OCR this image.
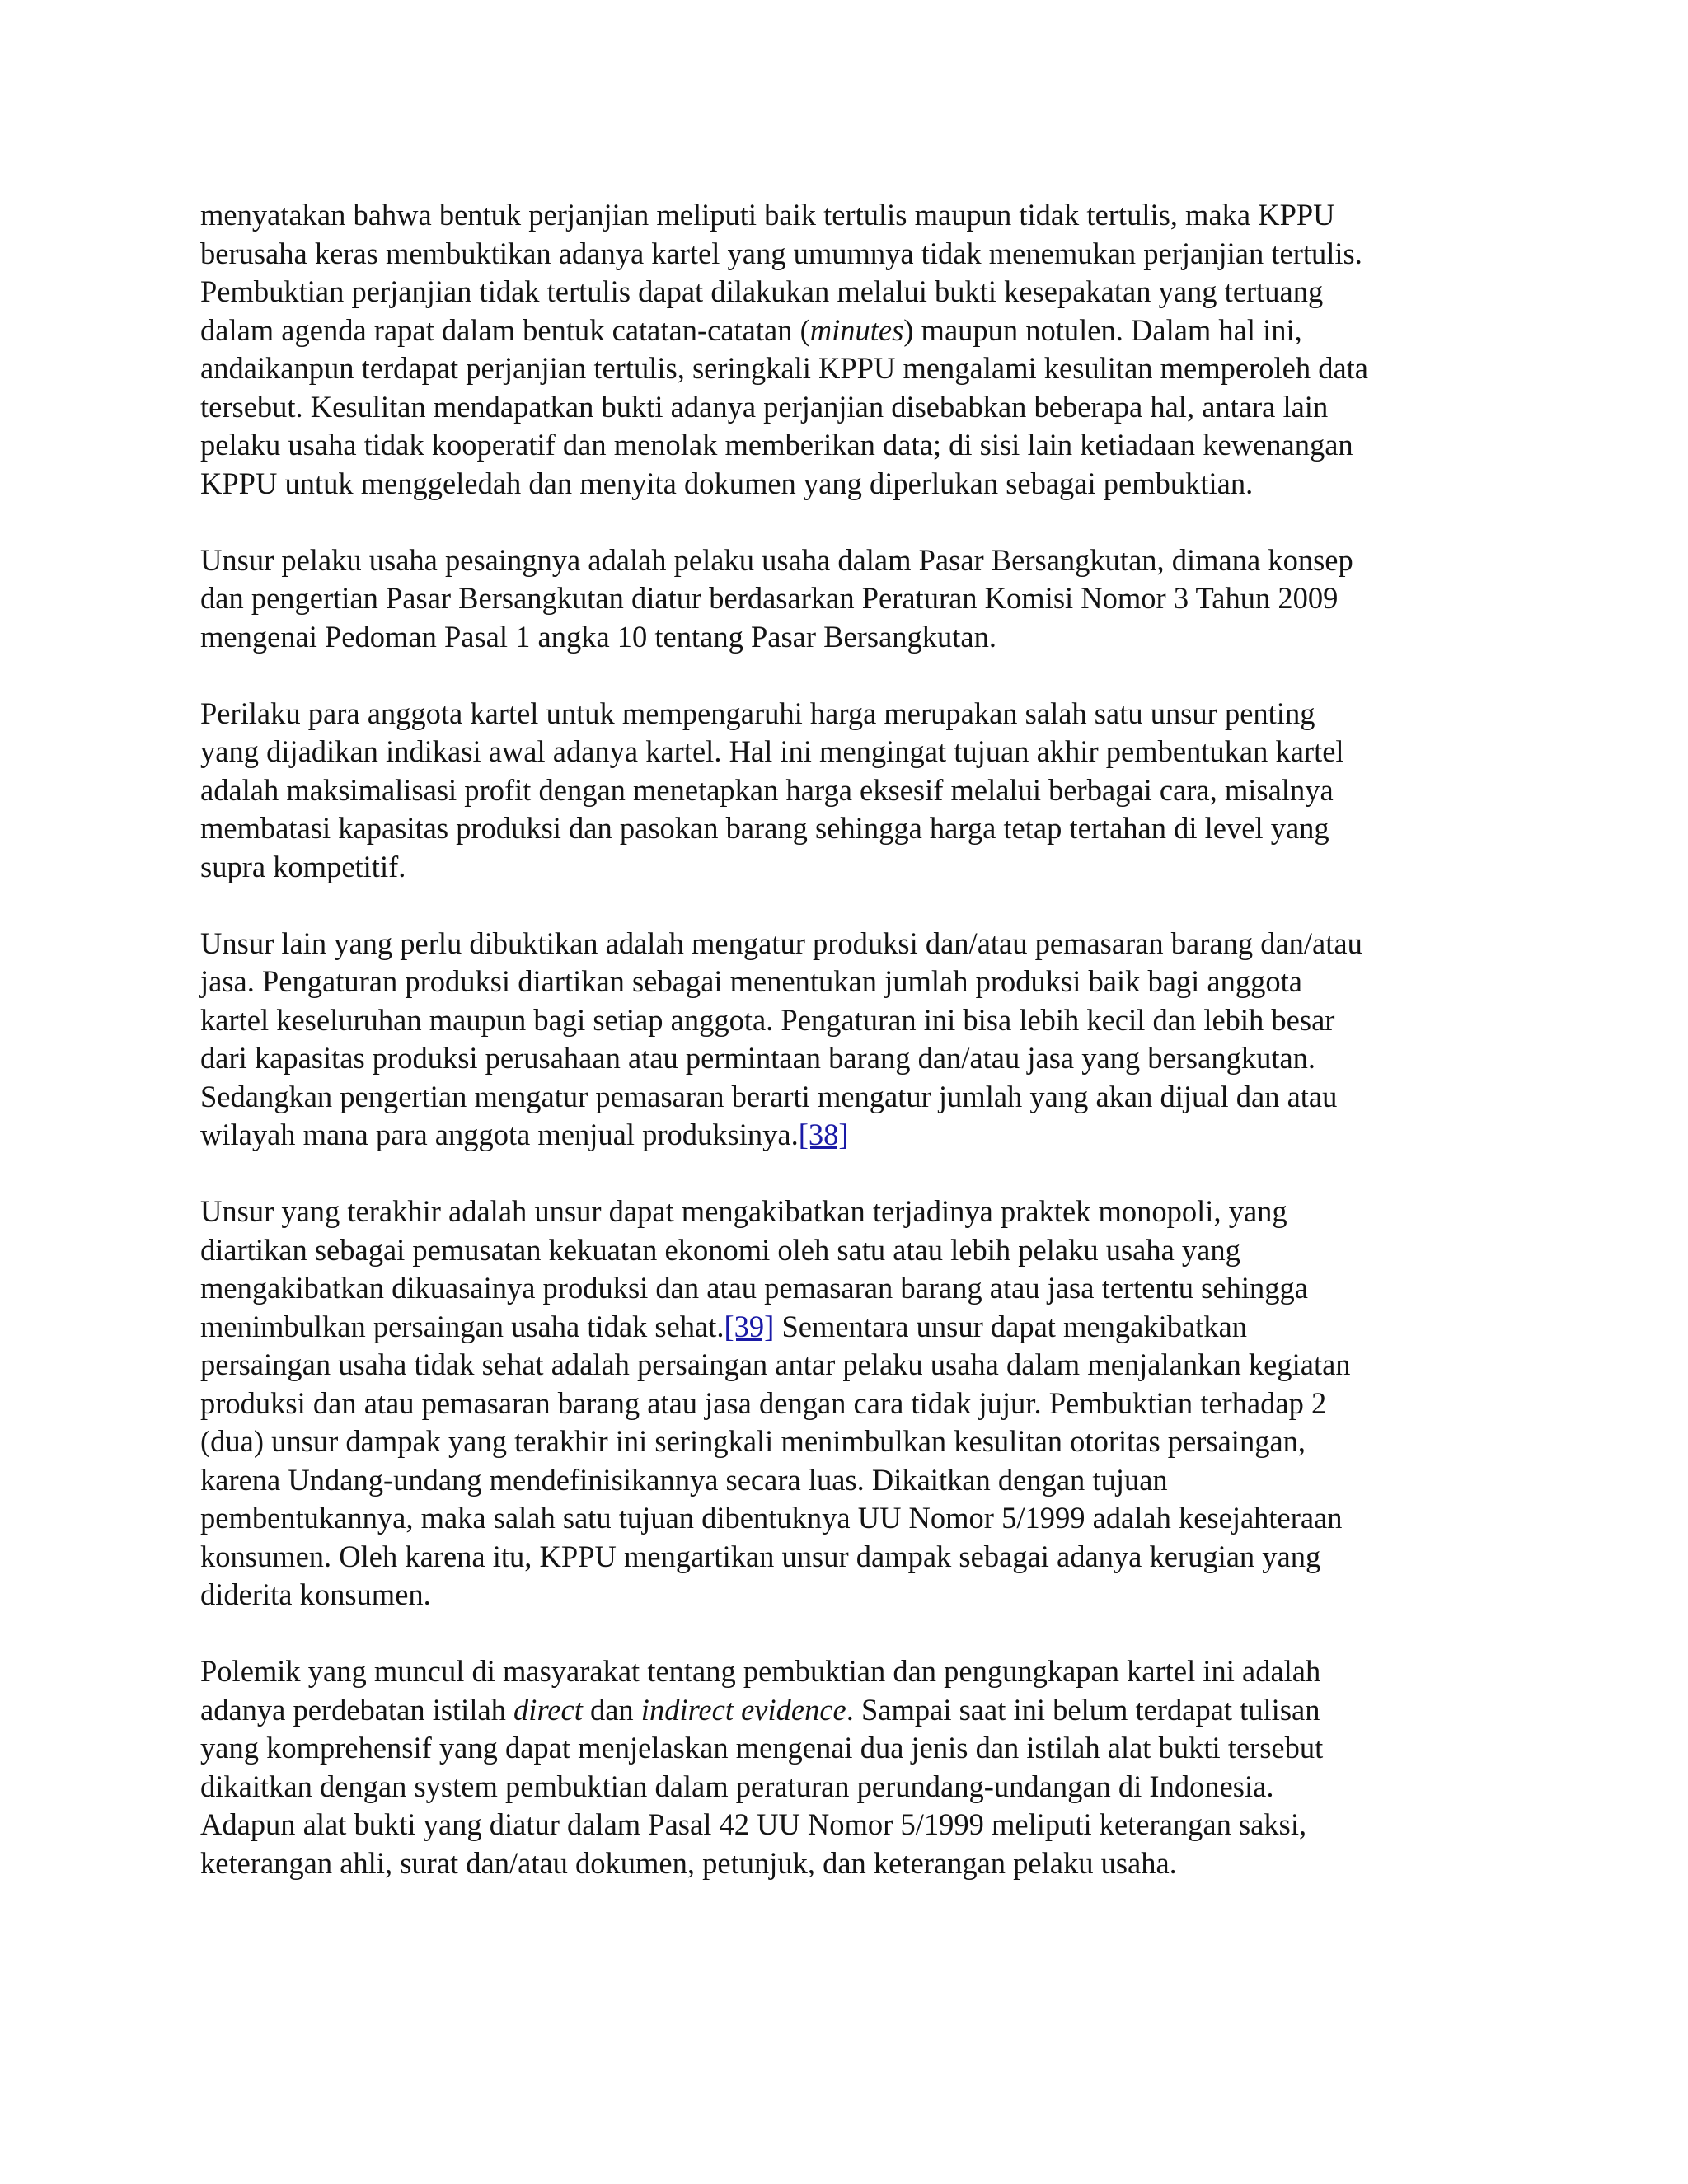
menyatakan bahwa bentuk perjanjian meliputi baik tertulis maupun tidak tertulis, maka KPPU
berusaha keras membuktikan adanya kartel yang umumnya tidak menemukan perjanjian tertulis.
Pembuktian perjanjian tidak tertulis dapat dilakukan melalui bukti kesepakatan yang tertuang
dalam agenda rapat dalam bentuk catatan-catatan (minutes) maupun notulen. Dalam hal ini,
andaikanpun terdapat perjanjian tertulis, seringkali KPPU mengalami kesulitan memperoleh data
tersebut. Kesulitan mendapatkan bukti adanya perjanjian disebabkan beberapa hal, antara lain
pelaku usaha tidak kooperatif dan menolak memberikan data; di sisi lain ketiadaan kewenangan
KPPU untuk menggeledah dan menyita dokumen yang diperlukan sebagai pembuktian.

Unsur pelaku usaha pesaingnya adalah pelaku usaha dalam Pasar Bersangkutan, dimana konsep
dan pengertian Pasar Bersangkutan diatur berdasarkan Peraturan Komisi Nomor 3 Tahun 2009
mengenai Pedoman Pasal 1 angka 10 tentang Pasar Bersangkutan.

Perilaku para anggota kartel untuk mempengaruhi harga merupakan salah satu unsur penting
yang dijadikan indikasi awal adanya kartel. Hal ini mengingat tujuan akhir pembentukan kartel
adalah maksimalisasi profit dengan menetapkan harga eksesif melalui berbagai cara, misalnya
membatasi kapasitas produksi dan pasokan barang sehingga harga tetap tertahan di level yang
supra kompetitif.

Unsur lain yang perlu dibuktikan adalah mengatur produksi dan/atau pemasaran barang dan/atau
jasa. Pengaturan produksi diartikan sebagai menentukan jumlah produksi baik bagi anggota
kartel keseluruhan maupun bagi setiap anggota. Pengaturan ini bisa lebih kecil dan lebih besar
dari kapasitas produksi perusahaan atau permintaan barang dan/atau jasa yang bersangkutan.
Sedangkan pengertian mengatur pemasaran berarti mengatur jumlah yang akan dijual dan atau
wilayah mana para anggota menjual produksinya.[38]

Unsur yang terakhir adalah unsur dapat mengakibatkan terjadinya praktek monopoli, yang
diartikan sebagai pemusatan kekuatan ekonomi oleh satu atau lebih pelaku usaha yang
mengakibatkan dikuasainya produksi dan atau pemasaran barang atau jasa tertentu sehingga
menimbulkan persaingan usaha tidak sehat.[39] Sementara unsur dapat mengakibatkan
persaingan usaha tidak sehat adalah persaingan antar pelaku usaha dalam menjalankan kegiatan
produksi dan atau pemasaran barang atau jasa dengan cara tidak jujur. Pembuktian terhadap 2
(dua) unsur dampak yang terakhir ini seringkali menimbulkan kesulitan otoritas persaingan,
karena Undang-undang mendefinisikannya secara luas. Dikaitkan dengan tujuan
pembentukannya, maka salah satu tujuan dibentuknya UU Nomor 5/1999 adalah kesejahteraan
konsumen. Oleh karena itu, KPPU mengartikan unsur dampak sebagai adanya kerugian yang
diderita konsumen.

Polemik yang muncul di masyarakat tentang pembuktian dan pengungkapan kartel ini adalah
adanya perdebatan istilah direct dan indirect evidence. Sampai saat ini belum terdapat tulisan
yang komprehensif yang dapat menjelaskan mengenai dua jenis dan istilah alat bukti tersebut
dikaitkan dengan system pembuktian dalam peraturan perundang-undangan di Indonesia.
Adapun alat bukti yang diatur dalam Pasal 42 UU Nomor 5/1999 meliputi keterangan saksi,
keterangan ahli, surat dan/atau dokumen, petunjuk, dan keterangan pelaku usaha.
